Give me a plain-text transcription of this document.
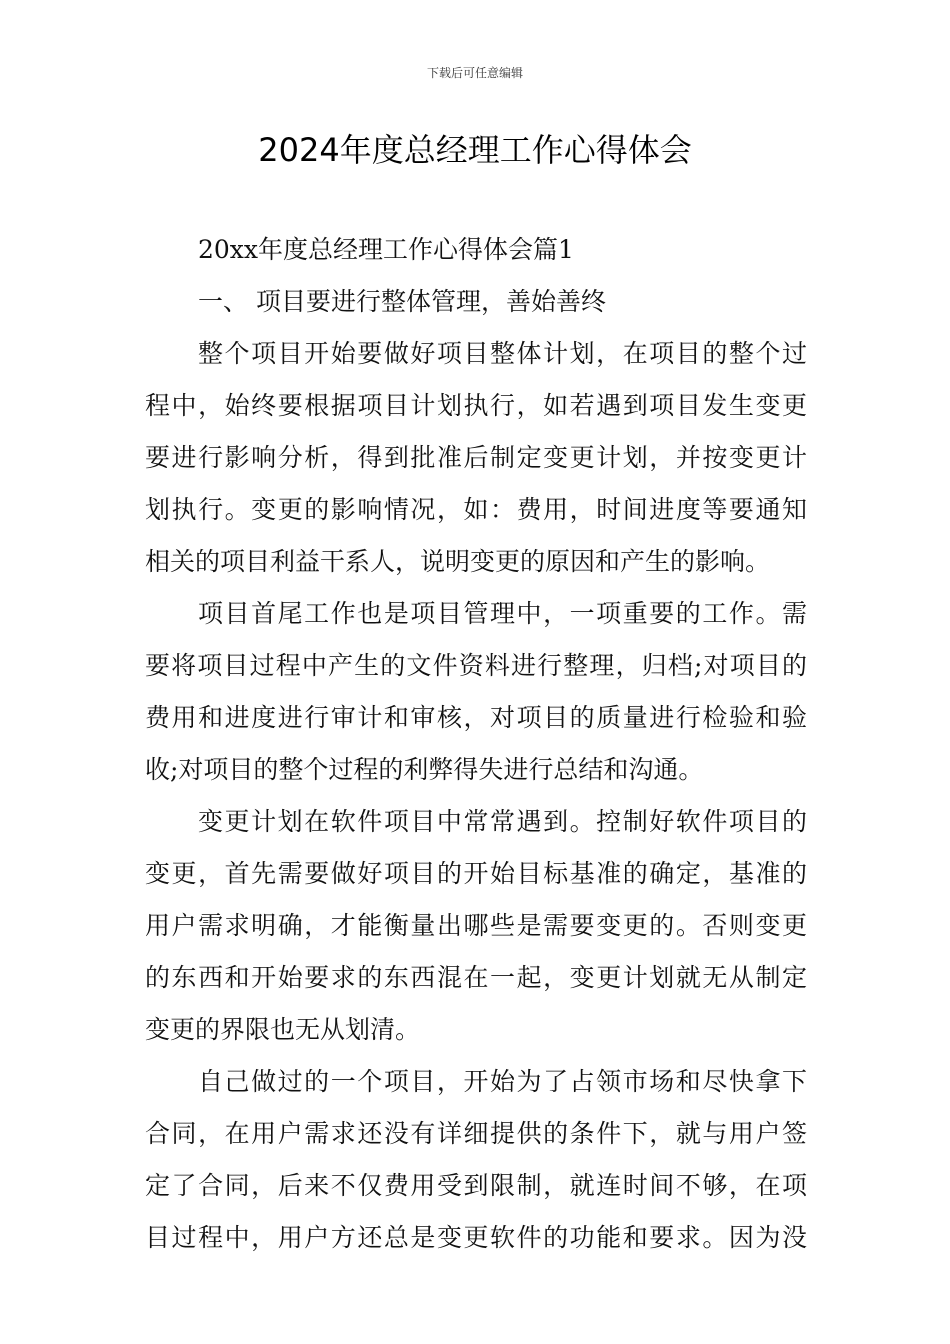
下载后可任意编辑
2024年度总经理工作心得体会
20xx年度总经理工作心得体会篇1
一、 项目要进行整体管理，善始善终
整个项目开始要做好项目整体计划，在项目的整个过
程中，始终要根据项目计划执行，如若遇到项目发生变更
要进行影响分析，得到批准后制定变更计划，并按变更计
划执行。变更的影响情况，如：费用，时间进度等要通知
相关的项目利益干系人，说明变更的原因和产生的影响。
项目首尾工作也是项目管理中，一项重要的工作。需
要将项目过程中产生的文件资料进行整理，归档;对项目的
费用和进度进行审计和审核，对项目的质量进行检验和验
收;对项目的整个过程的利弊得失进行总结和沟通。
变更计划在软件项目中常常遇到。控制好软件项目的
变更，首先需要做好项目的开始目标基准的确定，基准的
用户需求明确，才能衡量出哪些是需要变更的。否则变更
的东西和开始要求的东西混在一起，变更计划就无从制定
变更的界限也无从划清。
自己做过的一个项目，开始为了占领市场和尽快拿下
合同，在用户需求还没有详细提供的条件下，就与用户签
定了合同，后来不仅费用受到限制，就连时间不够，在项
目过程中，用户方还总是变更软件的功能和要求。因为没
